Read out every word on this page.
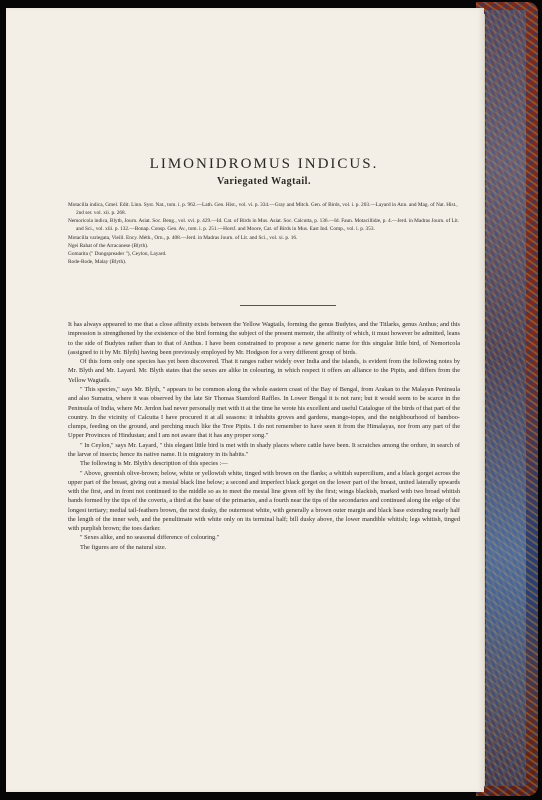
LIMONIDROMUS INDICUS.
Variegated Wagtail.

Motacilla indica, Gmel. Edit. Linn. Syst. Nat., tom. i. p. 962.—Lath. Gen. Hist., vol. vi. p. 334.—Gray and Mitch. Gen. of Birds, vol. i. p. 203.—Layard in Ann. and Mag. of Nat. Hist., 2nd ser. vol. xii. p. 268.

Nemoricola indica, Blyth, Journ. Asiat. Soc. Beng., vol. xvi. p. 429.—Id. Cat. of Birds in Mus. Asiat. Soc. Calcutta, p. 136.—Id. Faun. Motacillidæ, p. 4.—Jerd. in Madras Journ. of Lit. and Sci., vol. xiii. p. 132.—Bonap. Consp. Gen. Av., tom. i. p. 251.—Horsf. and Moore, Cat. of Birds in Mus. East Ind. Comp., vol. i. p. 353.

Motacilla variegata, Vieill. Ency. Méth., Orn., p. 408.—Jerd. in Madras Journ. of Lit. and Sci., vol. xi. p. 16.

Ngei Rahat of the Arracanese (Blyth).

Gomarita (" Dungspreader "), Ceylon, Layard.

Rode-Rode, Malay (Blyth).

It has always appeared to me that a close affinity exists between the Yellow Wagtails, forming the genus Budytes, and the Titlarks, genus Anthus; and this impression is strengthened by the existence of the bird forming the subject of the present memoir, the affinity of which, it must however be admitted, leans to the side of Budytes rather than to that of Anthus. I have been constrained to propose a new generic name for this singular little bird, of Nemoricola (assigned to it by Mr. Blyth) having been previously employed by Mr. Hodgson for a very different group of birds.

Of this form only one species has yet been discovered. That it ranges rather widely over India and the islands, is evident from the following notes by Mr. Blyth and Mr. Layard. Mr. Blyth states that the sexes are alike in colouring, in which respect it offers an alliance to the Pipits, and differs from the Yellow Wagtails.

" This species," says Mr. Blyth, " appears to be common along the whole eastern coast of the Bay of Bengal, from Arakan to the Malayan Peninsula and also Sumatra, where it was observed by the late Sir Thomas Stamford Raffles. In Lower Bengal it is not rare; but it would seem to be scarce in the Peninsula of India, where Mr. Jerdon had never personally met with it at the time he wrote his excellent and useful Catalogue of the birds of that part of the country. In the vicinity of Calcutta I have procured it at all seasons: it inhabits groves and gardens, mango-topes, and the neighbourhood of bamboo-clumps, feeding on the ground, and perching much like the Tree Pipits. I do not remember to have seen it from the Himalayas, nor from any part of the Upper Provinces of Hindustan; and I am not aware that it has any proper song."

" In Ceylon," says Mr. Layard, " this elegant little bird is met with in shady places where cattle have been. It scratches among the ordure, in search of the larvæ of insects; hence its native name. It is migratory in its habits."

The following is Mr. Blyth's description of this species :—

" Above, greenish olive-brown; below, white or yellowish white, tinged with brown on the flanks; a whitish supercilium, and a black gorget across the upper part of the breast, giving out a mesial black line below; a second and imperfect black gorget on the lower part of the breast, united laterally upwards with the first, and in front not continued to the middle so as to meet the mesial line given off by the first; wings blackish, marked with two broad whitish bands formed by the tips of the coverts, a third at the base of the primaries, and a fourth near the tips of the secondaries and continued along the edge of the longest tertiary; medial tail-feathers brown, the next dusky, the outermost white, with generally a brown outer margin and black base extending nearly half the length of the inner web, and the penultimate with white only on its terminal half; bill dusky above, the lower mandible whitish; legs whitish, tinged with purplish brown; the toes darker.

" Sexes alike, and no seasonal difference of colouring."

The figures are of the natural size.
